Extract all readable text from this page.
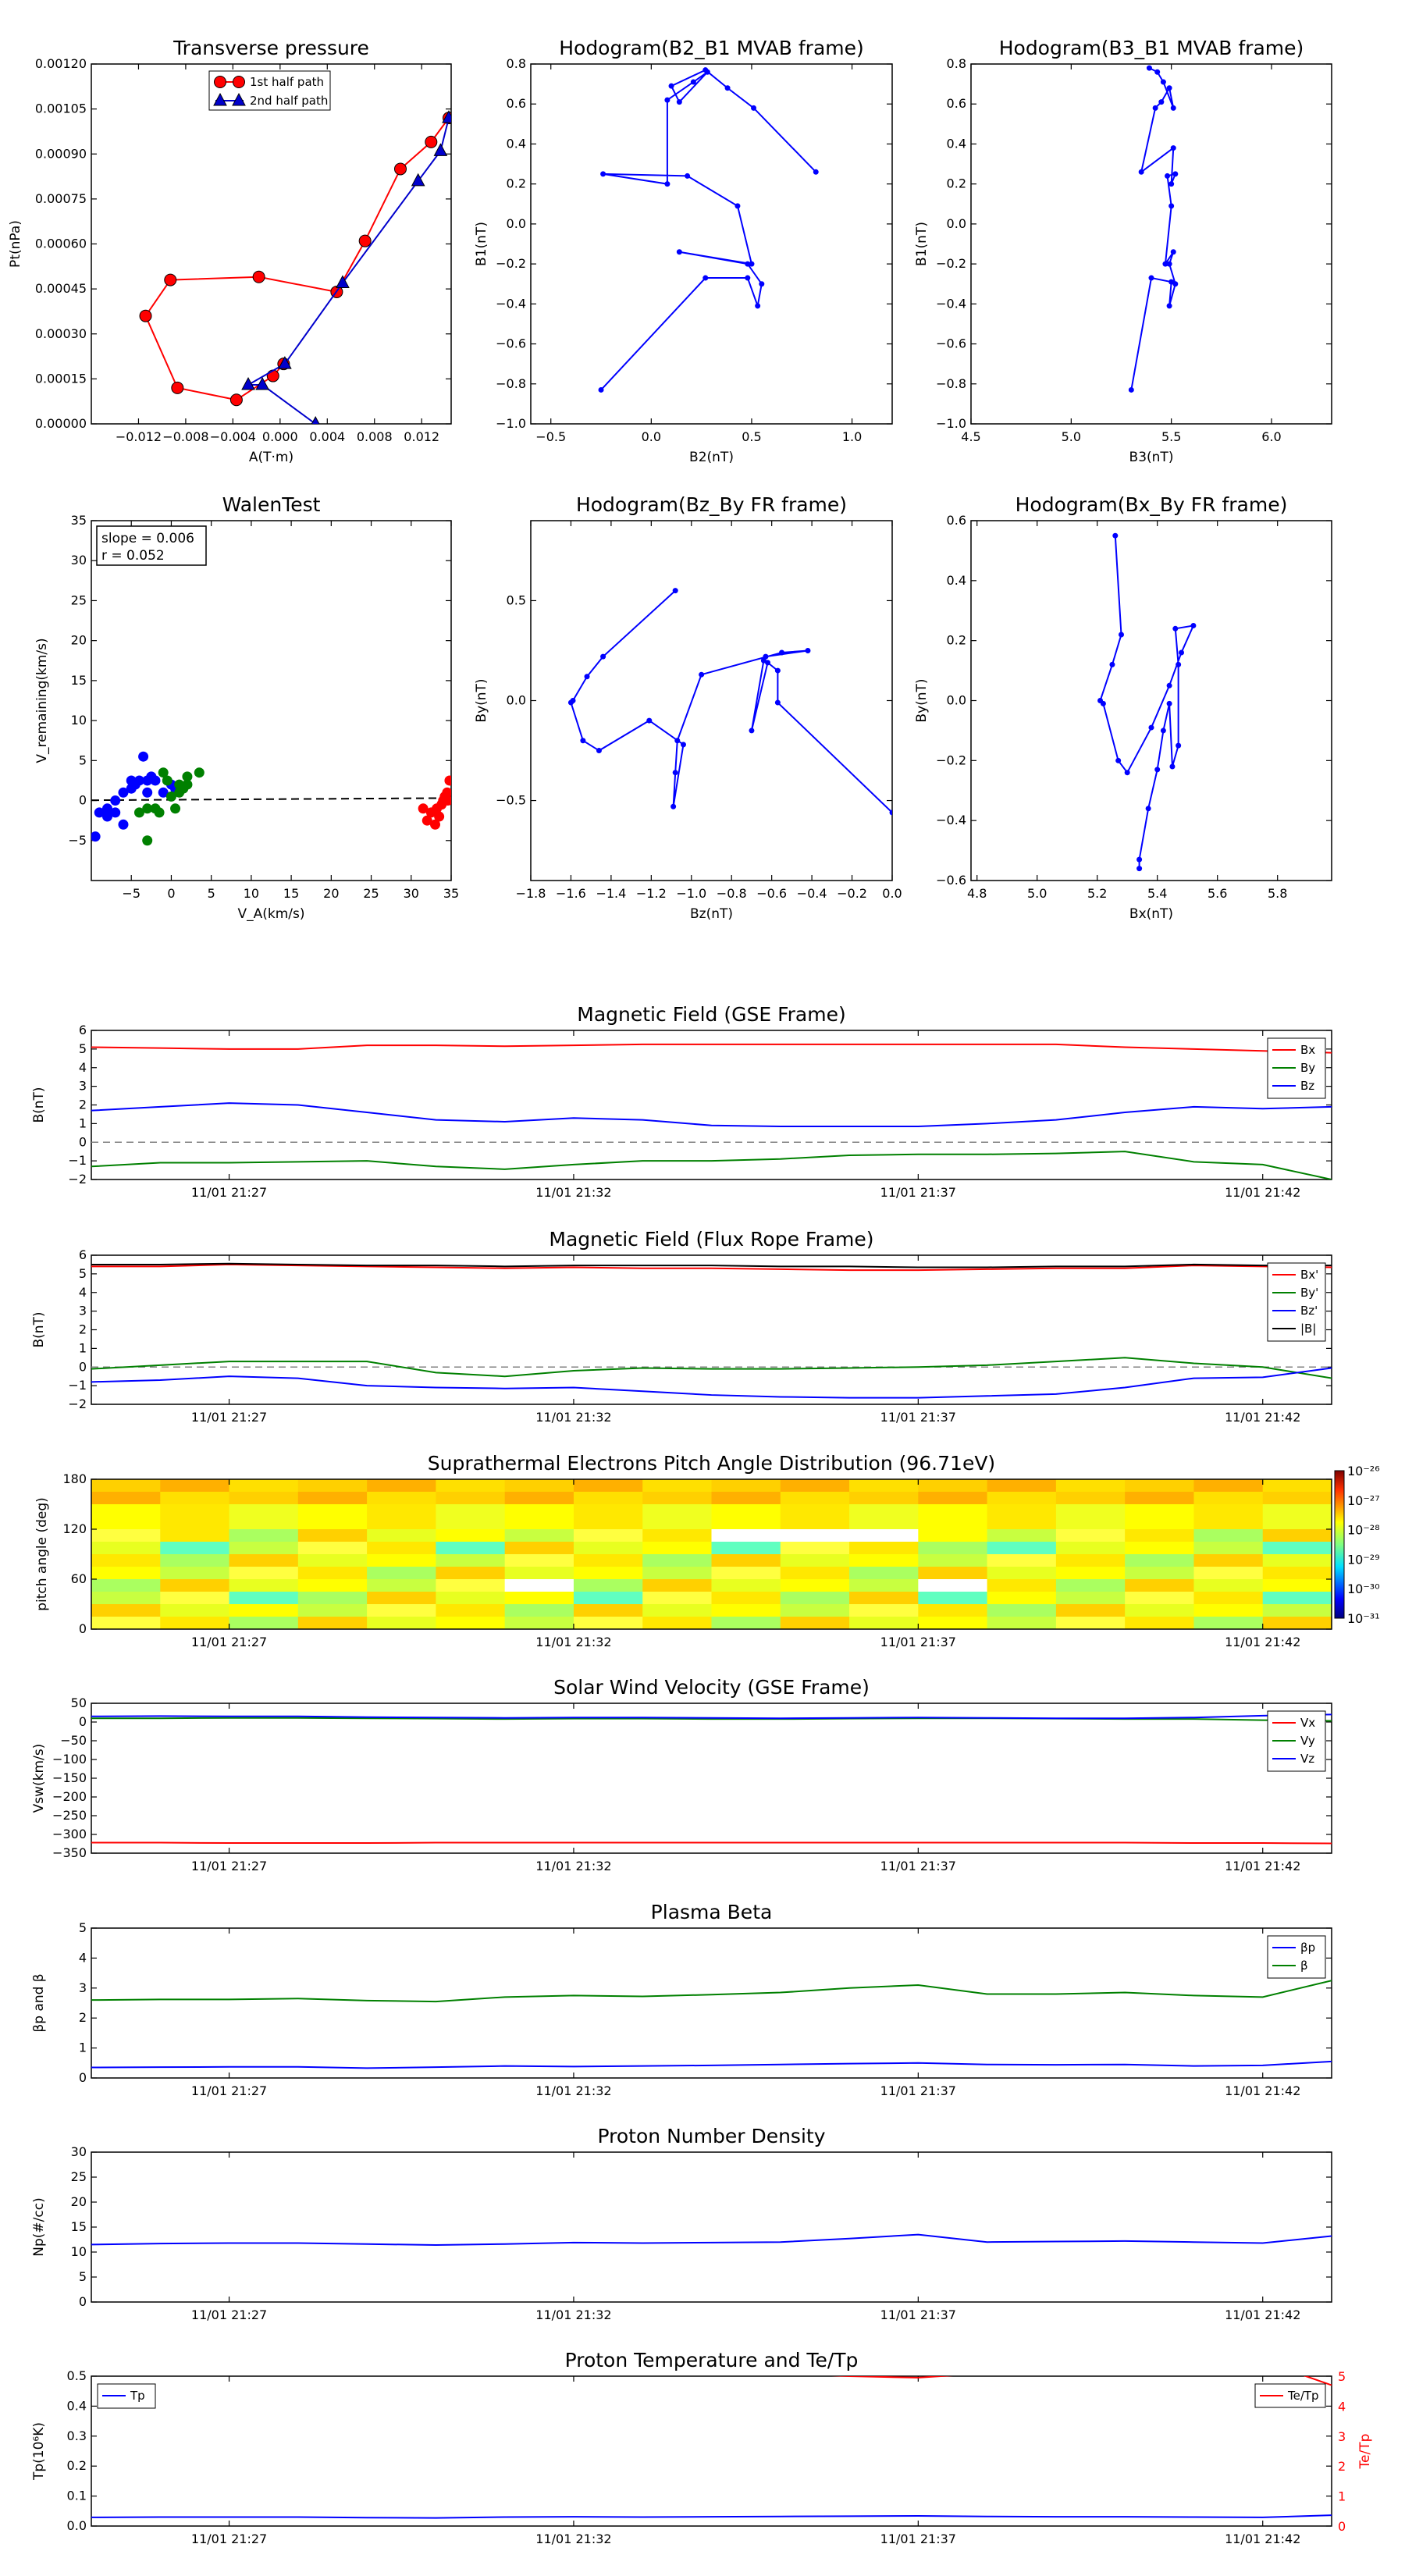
Transverse pressure
0.00000
0.00015
0.00030
0.00045
0.00060
0.00075
0.00090
0.00105
0.00120
−0.012 −0.008 −0.004 0.000 0.004 0.008 0.012
A(T·m)
Pt(nPa)
1st half path
2nd half path
Hodogram(B2_B1 MVAB frame)
−1.0
−0.8
−0.6
−0.4
−0.2
0.0
0.2
0.4
0.6
0.8
−0.5	0.0	0.5	1.0
B2(nT)
B1(nT)
Hodogram(B3_B1 MVAB frame)
−1.0
−0.8
−0.6
−0.4
−0.2
0.0
0.2
0.4
0.6
0.8
4.5	5.0	5.5	6.0
B3(nT)
B1(nT)
WalenTest
−5
0
5
10
15
20
25
30
35
−5 0	5 10 15 20 25 30 35
V_A(km/s)
V_remaining(km/s)
slope = 0.006
r = 0.052
Hodogram(Bz_By FR frame)
−0.5
0.0
0.5
−1.8 −1.6 −1.4 −1.2 −1.0 −0.8 −0.6 −0.4 −0.2 0.0
Bz(nT)
By(nT)
Hodogram(Bx_By FR frame)
−0.6
−0.4
−0.2
0.0
0.2
0.4
0.6
4.8	5.0	5.2	5.4	5.6	5.8
Bx(nT)
By(nT)
Magnetic Field (GSE Frame)
−2
−1
0
1
2
3
4
5
6
11/01 21:27	11/01 21:32	11/01 21:37	11/01 21:42
B(nT)
Bx
By
Bz
Magnetic Field (Flux Rope Frame)
−2
−1
0
1
2
3
4
5
6
11/01 21:27	11/01 21:32	11/01 21:37	11/01 21:42
B(nT)
Bx'
By'
Bz'
|B|
Solar Wind Velocity (GSE Frame)
−350
−300
−250
−200
−150
−100
−50
0
50
11/01 21:27	11/01 21:32	11/01 21:37	11/01 21:42
Vsw(km/s)
Vx
Vy
Vz
Plasma Beta
0
1
2
3
4
5
11/01 21:27	11/01 21:32	11/01 21:37	11/01 21:42
βp and β
βp
β
Proton Number Density
0
5
10
15
20
25
30
11/01 21:27	11/01 21:32	11/01 21:37	11/01 21:42
Np(#/cc)
Proton Temperature and Te/Tp
0.0
0.1
0.2
0.3
0.4
0.5
11/01 21:27	11/01 21:32	11/01 21:37	11/01 21:42
Tp(10⁶K)
Tp
0
1
2
3
4
5
Te/Tp
Te/Tp
Suprathermal Electrons Pitch Angle Distribution (96.71eV)
0
60
120
180
11/01 21:27	11/01 21:32	11/01 21:37	11/01 21:42
pitch angle (deg)
10⁻²⁶
10⁻²⁷
10⁻²⁸
10⁻²⁹
10⁻³⁰
10⁻³¹
